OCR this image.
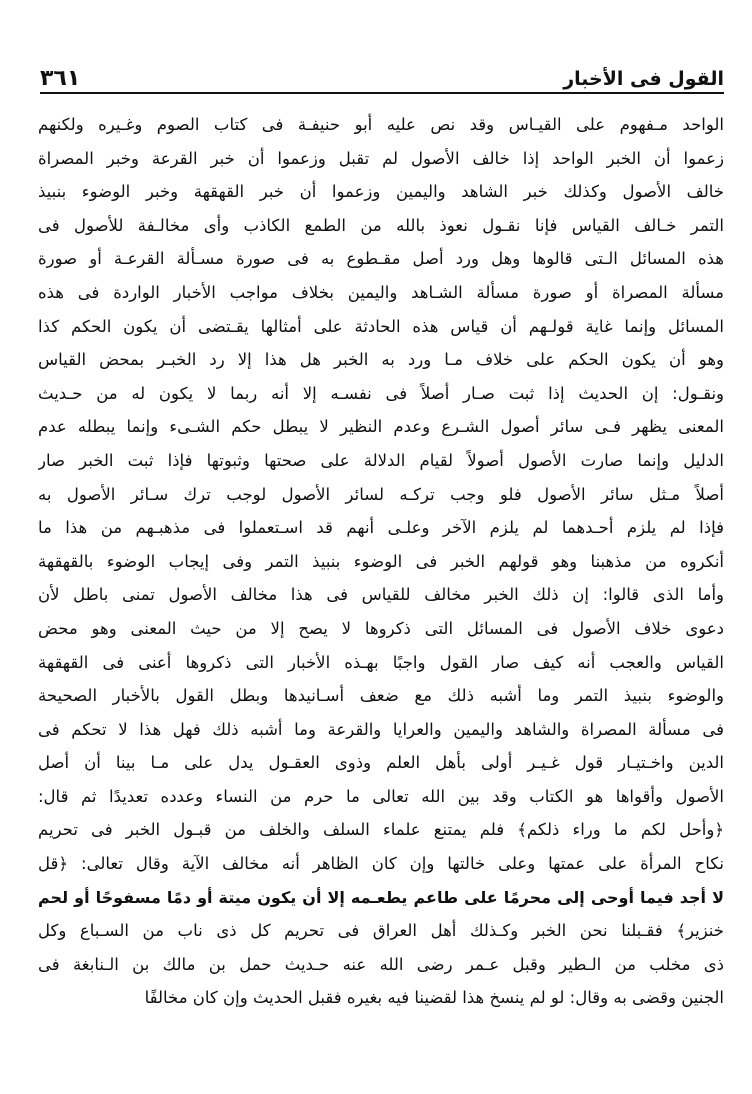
القول فى الأخبار
٣٦١
الواحد مـفهوم على القيـاس وقد نص عليه أبو حنيفـة فى كتاب الصوم وغـيره ولكنهم
زعموا أن الخبر الواحد إذا خالف الأصول لم تقبل وزعموا أن خبر القرعة وخبر المصراة
خالف الأصول وكذلك خبر الشاهد واليمين وزعموا أن خبر القهقهة وخبر الوضوء بنبيذ
التمر خـالف القياس فإنا نقـول نعوذ بالله من الطمع الكاذب وأى مخالـفة للأصول فى
هذه المسائل الـتى قالوها وهل ورد أصل مقـطوع به فى صورة مسـألة القرعـة أو صورة
مسألة المصراة أو صورة مسألة الشـاهد واليمين بخلاف مواجب الأخبار الواردة فى هذه
المسائل وإنما غاية قولـهم أن قياس هذه الحادثة على أمثالها يقـتضى أن يكون الحكم كذا
وهو أن يكون الحكم على خلاف مـا ورد به الخبر هل هذا إلا رد الخبـر بمحض القياس
ونقـول: إن الحديث إذا ثبت صـار أصلاً فى نفسـه إلا أنه ربما لا يكون له من حـديث
المعنى يظهر فـى سائر أصول الشـرع وعدم النظير لا يبطل حكم الشـىء وإنما يبطله عدم
الدليل وإنما صارت الأصول أصولاً لقيام الدلالة على صحتها وثبوتها فإذا ثبت الخبر صار
أصلاً مـثل سائر الأصول فلو وجب تركـه لسائر الأصول لوجب ترك سـائر الأصول به
فإذا لم يلزم أحـدهما لم يلزم الآخر وعلـى أنهم قد اسـتعملوا فى مذهبـهم من هذا ما
أنكروه من مذهبنا وهو قولهم الخبر فى الوضوء بنبيذ التمر وفى إيجاب الوضوء بالقهقهة
وأما الذى قالوا: إن ذلك الخبر مخالف للقياس فى هذا مخالف الأصول تمنى باطل لأن
دعوى خلاف الأصول فى المسائل التى ذكروها لا يصح إلا من حيث المعنى وهو محض
القياس والعجب أنه كيف صار القول واجبًا بهـذه الأخبار التى ذكروها أعنى فى القهقهة
والوضوء بنبيذ التمر وما أشبه ذلك مع ضعف أسـانيدها وبطل القول بالأخبار الصحيحة
فى مسألة المصراة والشاهد واليمين والعرايا والقرعة وما أشبه ذلك فهل هذا لا تحكم فى
الدين واخـتيـار قول غـيـر أولى بأهل العلم وذوى العقـول يدل على مـا بينا أن أصل
الأصول وأقواها هو الكتاب وقد بين الله تعالى ما حرم من النساء وعدده تعديدًا ثم قال:
﴿وأحل لكم ما وراء ذلكم﴾ فلم يمتنع علماء السلف والخلف من قبـول الخبر فى تحريم
نكاح المرأة على عمتها وعلى خالتها وإن كان الظاهر أنه مخالف الآية وقال تعالى: ﴿قل
لا أجد فيما أوحى إلى محرمًا على طاعم يطعـمه إلا أن يكون ميتة أو دمًا مسفوحًا أو لحم
خنزير﴾ فقـبلنا نحن الخبر وكـذلك أهل العراق فى تحريم كل ذى ناب من السـباع وكل
ذى مخلب من الـطير وقبل عـمر رضى الله عنه حـديث حمل بن مالك بن الـنابغة فى
الجنين وقضى به وقال: لو لم ينسخ هذا لقضينا فيه بغيره فقبل الحديث وإن كان مخالفًا
